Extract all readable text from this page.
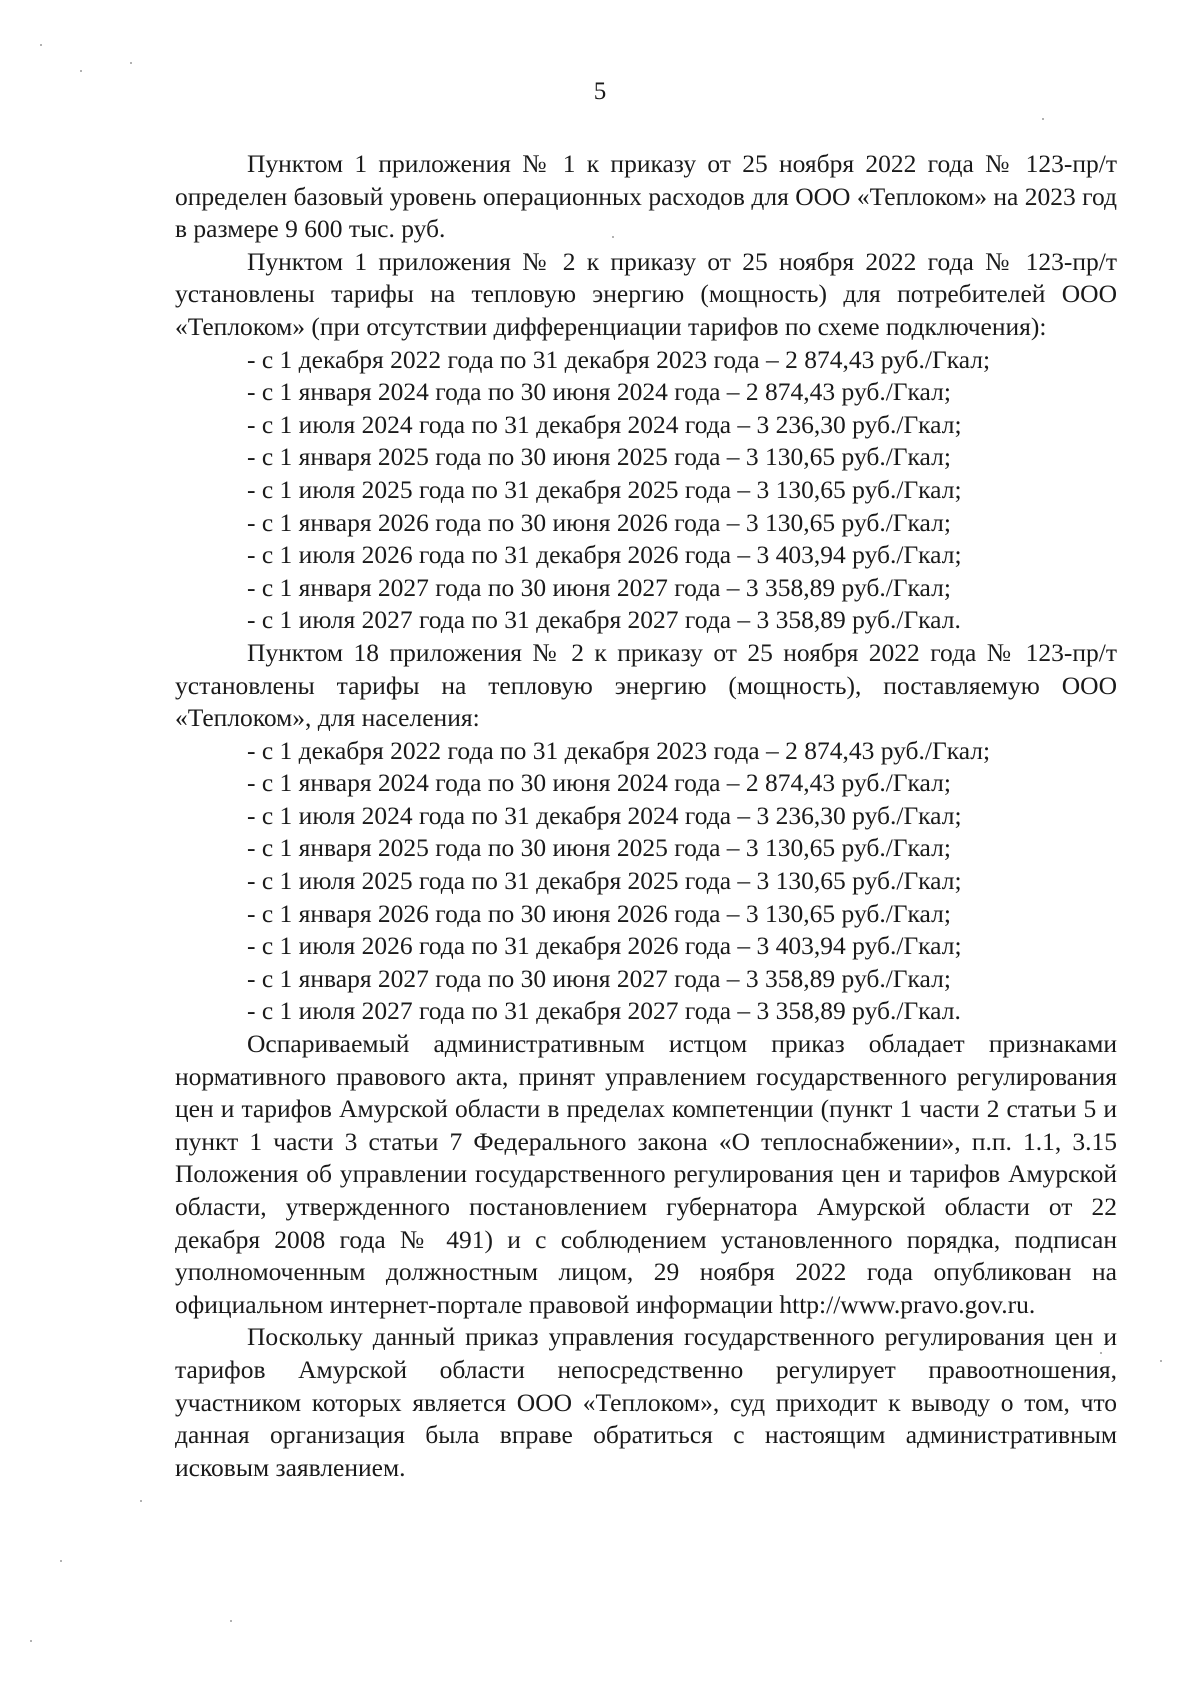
5

Пунктом 1 приложения № 1 к приказу от 25 ноября 2022 года № 123-пр/т определен базовый уровень операционных расходов для ООО «Теплоком» на 2023 год в размере 9 600 тыс. руб.

Пунктом 1 приложения № 2 к приказу от 25 ноября 2022 года № 123-пр/т установлены тарифы на тепловую энергию (мощность) для потребителей ООО «Теплоком» (при отсутствии дифференциации тарифов по схеме подключения):

- с 1 декабря 2022 года по 31 декабря 2023 года – 2 874,43 руб./Гкал;
- с 1 января 2024 года по 30 июня 2024 года – 2 874,43 руб./Гкал;
- с 1 июля 2024 года по 31 декабря 2024 года – 3 236,30 руб./Гкал;
- с 1 января 2025 года по 30 июня 2025 года – 3 130,65 руб./Гкал;
- с 1 июля 2025 года по 31 декабря 2025 года – 3 130,65 руб./Гкал;
- с 1 января 2026 года по 30 июня 2026 года – 3 130,65 руб./Гкал;
- с 1 июля 2026 года по 31 декабря 2026 года – 3 403,94 руб./Гкал;
- с 1 января 2027 года по 30 июня 2027 года – 3 358,89 руб./Гкал;
- с 1 июля 2027 года по 31 декабря 2027 года – 3 358,89 руб./Гкал.

Пунктом 18 приложения № 2 к приказу от 25 ноября 2022 года № 123-пр/т установлены тарифы на тепловую энергию (мощность), поставляемую ООО «Теплоком», для населения:

- с 1 декабря 2022 года по 31 декабря 2023 года – 2 874,43 руб./Гкал;
- с 1 января 2024 года по 30 июня 2024 года – 2 874,43 руб./Гкал;
- с 1 июля 2024 года по 31 декабря 2024 года – 3 236,30 руб./Гкал;
- с 1 января 2025 года по 30 июня 2025 года – 3 130,65 руб./Гкал;
- с 1 июля 2025 года по 31 декабря 2025 года – 3 130,65 руб./Гкал;
- с 1 января 2026 года по 30 июня 2026 года – 3 130,65 руб./Гкал;
- с 1 июля 2026 года по 31 декабря 2026 года – 3 403,94 руб./Гкал;
- с 1 января 2027 года по 30 июня 2027 года – 3 358,89 руб./Гкал;
- с 1 июля 2027 года по 31 декабря 2027 года – 3 358,89 руб./Гкал.

Оспариваемый административным истцом приказ обладает признаками нормативного правового акта, принят управлением государственного регулирования цен и тарифов Амурской области в пределах компетенции (пункт 1 части 2 статьи 5 и пункт 1 части 3 статьи 7 Федерального закона «О теплоснабжении», п.п. 1.1, 3.15 Положения об управлении государственного регулирования цен и тарифов Амурской области, утвержденного постановлением губернатора Амурской области от 22 декабря 2008 года № 491) и с соблюдением установленного порядка, подписан уполномоченным должностным лицом, 29 ноября 2022 года опубликован на официальном интернет-портале правовой информации http://www.pravo.gov.ru.

Поскольку данный приказ управления государственного регулирования цен и тарифов Амурской области непосредственно регулирует правоотношения, участником которых является ООО «Теплоком», суд приходит к выводу о том, что данная организация была вправе обратиться с настоящим административным исковым заявлением.
